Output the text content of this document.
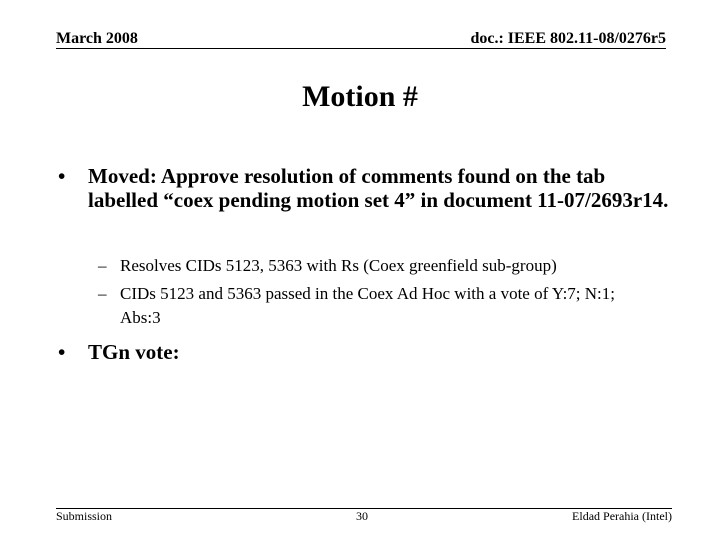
March 2008	doc.: IEEE 802.11-08/0276r5
Motion #
• Moved: Approve resolution of comments found on the tab labelled “coex pending motion set 4” in document 11-07/2693r14.
– Resolves CIDs 5123, 5363 with Rs (Coex greenfield sub-group)
– CIDs 5123 and 5363 passed in the Coex Ad Hoc with a vote of Y:7; N:1; Abs:3
• TGn vote:
Submission	30	Eldad Perahia (Intel)
